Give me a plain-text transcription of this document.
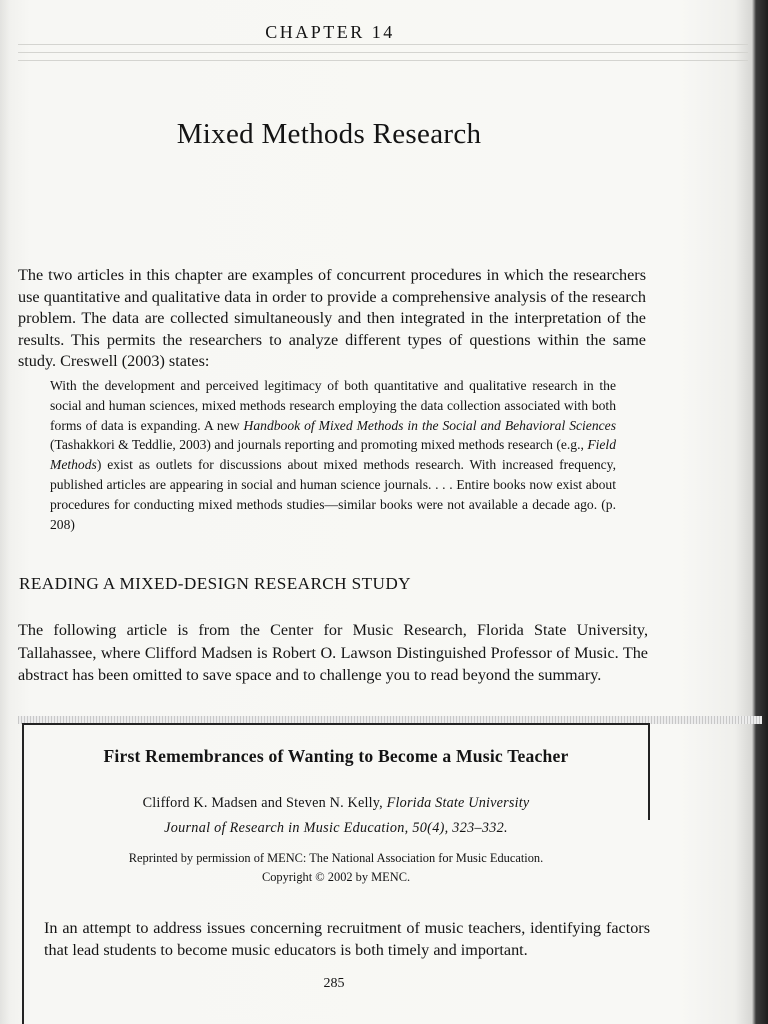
CHAPTER 14
Mixed Methods Research

The two articles in this chapter are examples of concurrent procedures in which the researchers use quantitative and qualitative data in order to provide a comprehensive analysis of the research problem. The data are collected simultaneously and then integrated in the interpretation of the results. This permits the researchers to analyze different types of questions within the same study. Creswell (2003) states:

With the development and perceived legitimacy of both quantitative and qualitative research in the social and human sciences, mixed methods research employing the data collection associated with both forms of data is expanding. A new Handbook of Mixed Methods in the Social and Behavioral Sciences (Tashakkori & Teddlie, 2003) and journals reporting and promoting mixed methods research (e.g., Field Methods) exist as outlets for discussions about mixed methods research. With increased frequency, published articles are appearing in social and human science journals. . . . Entire books now exist about procedures for conducting mixed methods studies—similar books were not available a decade ago. (p. 208)

READING A MIXED-DESIGN RESEARCH STUDY

The following article is from the Center for Music Research, Florida State University, Tallahassee, where Clifford Madsen is Robert O. Lawson Distinguished Professor of Music. The abstract has been omitted to save space and to challenge you to read beyond the summary.

First Remembrances of Wanting to Become a Music Teacher
Clifford K. Madsen and Steven N. Kelly, Florida State University
Journal of Research in Music Education, 50(4), 323–332.
Reprinted by permission of MENC: The National Association for Music Education.
Copyright © 2002 by MENC.

In an attempt to address issues concerning recruitment of music teachers, identifying factors that lead students to become music educators is both timely and important.

285
